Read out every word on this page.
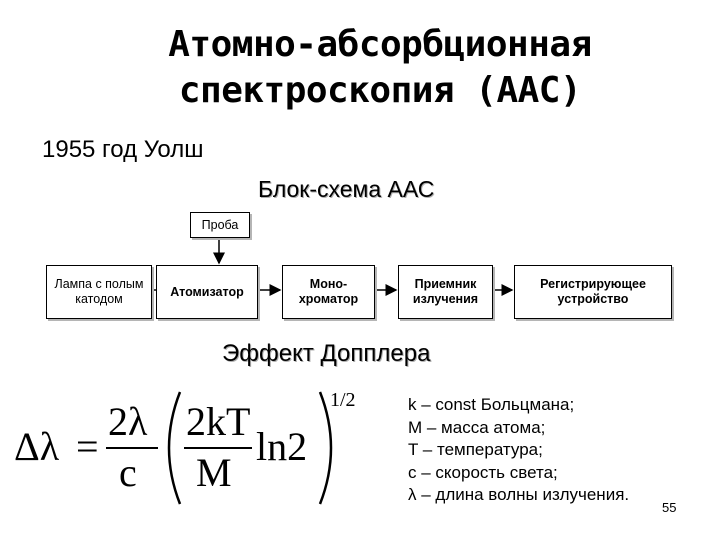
Атомно-абсорбционная
спектроскопия (ААС)
1955 год Уолш
Блок-схема ААС
Проба
Лампа с полым катодом
Атомизатор
Моно-хроматор
Приемник излучения
Регистрирующее устройство
Эффект Допплера
Δλ =
2λ
c
2kT
M
ln2
1/2	k – const Больцмана;
M – масса атома;
T – температура;
c – скорость света;
λ – длина волны излучения.
55
